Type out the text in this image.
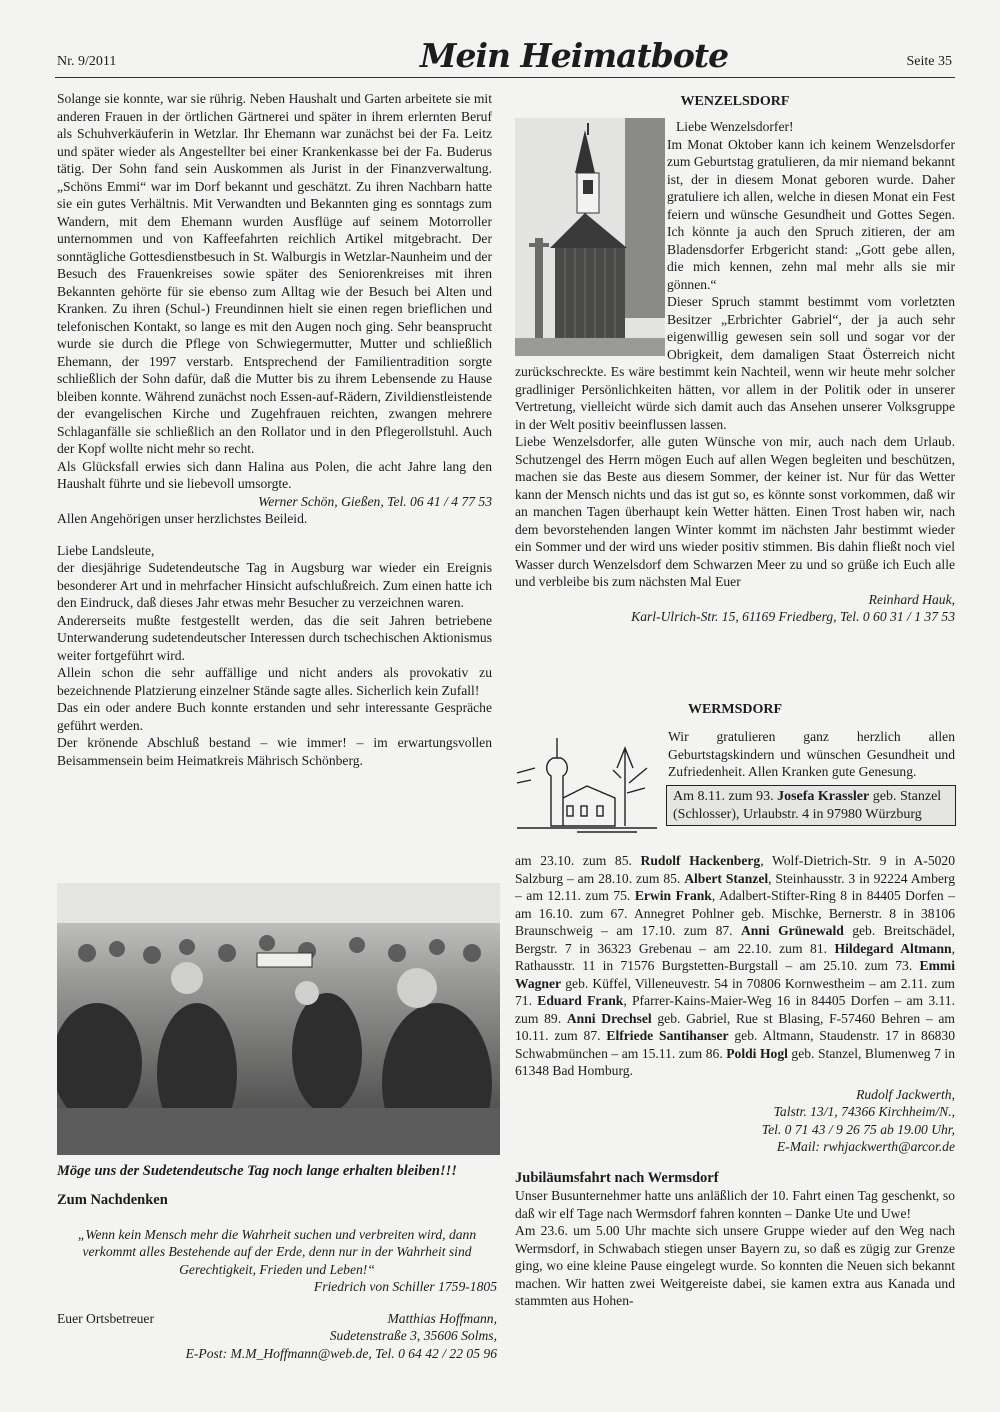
Nr. 9/2011	Mein Heimatbote	Seite 35

Solange sie konnte, war sie rührig. Neben Haushalt und Garten arbeitete sie mit anderen Frauen in der örtlichen Gärtnerei und später in ihrem erlernten Beruf als Schuhverkäuferin in Wetzlar. Ihr Ehemann war zunächst bei der Fa. Leitz und später wieder als Angestellter bei einer Krankenkasse bei der Fa. Buderus tätig. Der Sohn fand sein Auskommen als Jurist in der Finanzverwaltung. „Schöns Emmi“ war im Dorf bekannt und geschätzt. Zu ihren Nachbarn hatte sie ein gutes Verhältnis. Mit Verwandten und Bekannten ging es sonntags zum Wandern, mit dem Ehemann wurden Ausflüge auf seinem Motorroller unternommen und von Kaffeefahrten reichlich Artikel mitgebracht. Der sonntägliche Gottesdienstbesuch in St. Walburgis in Wetzlar-Naunheim und der Besuch des Frauenkreises sowie später des Seniorenkreises mit ihren Bekannten gehörte für sie ebenso zum Alltag wie der Besuch bei Alten und Kranken. Zu ihren (Schul-) Freundinnen hielt sie einen regen brieflichen und telefonischen Kontakt, so lange es mit den Augen noch ging. Sehr beansprucht wurde sie durch die Pflege von Schwiegermutter, Mutter und schließlich Ehemann, der 1997 verstarb. Entsprechend der Familientradition sorgte schließlich der Sohn dafür, daß die Mutter bis zu ihrem Lebensende zu Hause bleiben konnte. Während zunächst noch Essen-auf-Rädern, Zivildienstleistende der evangelischen Kirche und Zugehfrauen reichten, zwangen mehrere Schlaganfälle sie schließlich an den Rollator und in den Pflegerollstuhl. Auch der Kopf wollte nicht mehr so recht.

Als Glücksfall erwies sich dann Halina aus Polen, die acht Jahre lang den Haushalt führte und sie liebevoll umsorgte.

Werner Schön, Gießen, Tel. 06 41 / 4 77 53

Allen Angehörigen unser herzlichstes Beileid.

Liebe Landsleute,

der diesjährige Sudetendeutsche Tag in Augsburg war wieder ein Ereignis besonderer Art und in mehrfacher Hinsicht aufschlußreich. Zum einen hatte ich den Eindruck, daß dieses Jahr etwas mehr Besucher zu verzeichnen waren.

Andererseits mußte festgestellt werden, das die seit Jahren betriebene Unterwanderung sudetendeutscher Interessen durch tschechischen Aktionismus weiter fortgeführt wird.

Allein schon die sehr auffällige und nicht anders als provokativ zu bezeichnende Platzierung einzelner Stände sagte alles. Sicherlich kein Zufall!

Das ein oder andere Buch konnte erstanden und sehr interessante Gespräche geführt werden.

Der krönende Abschluß bestand – wie immer! – im erwartungsvollen Beisammensein beim Heimatkreis Mährisch Schönberg.

Möge uns der Sudetendeutsche Tag noch lange erhalten bleiben!!!

Zum Nachdenken

„Wenn kein Mensch mehr die Wahrheit suchen und verbreiten wird, dann verkommt alles Bestehende auf der Erde, denn nur in der Wahrheit sind Gerechtigkeit, Frieden und Leben!“

Friedrich von Schiller 1759-1805

Euer Ortsbetreuer	Matthias Hoffmann,

Sudetenstraße 3, 35606 Solms,

E-Post: M.M_Hoffmann@web.de, Tel. 0 64 42 / 22 05 96

WENZELSDORF

Liebe Wenzelsdorfer!

Im Monat Oktober kann ich keinem Wenzelsdorfer zum Geburtstag gratulieren, da mir niemand bekannt ist, der in diesem Monat geboren wurde. Daher gratuliere ich allen, welche in diesen Monat ein Fest feiern und wünsche Gesundheit und Gottes Segen. Ich könnte ja auch den Spruch zitieren, der am Bladensdorfer Erbgericht stand: „Gott gebe allen, die mich kennen, zehn mal mehr alls sie mir gönnen.“

Dieser Spruch stammt bestimmt vom vorletzten Besitzer „Erbrichter Gabriel“, der ja auch sehr eigenwillig gewesen sein soll und sogar vor der Obrigkeit, dem damaligen Staat Österreich nicht zurückschreckte. Es wäre bestimmt kein Nachteil, wenn wir heute mehr solcher gradliniger Persönlichkeiten hätten, vor allem in der Politik oder in unserer Vertretung, vielleicht würde sich damit auch das Ansehen unserer Volksgruppe in der Welt positiv beeinflussen lassen.

Liebe Wenzelsdorfer, alle guten Wünsche von mir, auch nach dem Urlaub. Schutzengel des Herrn mögen Euch auf allen Wegen begleiten und beschützen, machen sie das Beste aus diesem Sommer, der keiner ist. Nur für das Wetter kann der Mensch nichts und das ist gut so, es könnte sonst vorkommen, daß wir an manchen Tagen überhaupt kein Wetter hätten. Einen Trost haben wir, nach dem bevorstehenden langen Winter kommt im nächsten Jahr bestimmt wieder ein Sommer und der wird uns wieder positiv stimmen. Bis dahin fließt noch viel Wasser durch Wenzelsdorf dem Schwarzen Meer zu und so grüße ich Euch alle und verbleibe bis zum nächsten Mal Euer

Reinhard Hauk,

Karl-Ulrich-Str. 15, 61169 Friedberg, Tel. 0 60 31 / 1 37 53

WERMSDORF
Wir gratulieren ganz herzlich allen Geburtstagskindern und wünschen Gesundheit und Zufriedenheit. Allen Kranken gute Genesung.
Am 8.11. zum 93. Josefa Krassler geb. Stanzel (Schlosser), Urlaubstr. 4 in 97980 Würzburg

am 23.10. zum 85. Rudolf Hackenberg, Wolf-Dietrich-Str. 9 in A-5020 Salzburg – am 28.10. zum 85. Albert Stanzel, Steinhausstr. 3 in 92224 Amberg – am 12.11. zum 75. Erwin Frank, Adalbert-Stifter-Ring 8 in 84405 Dorfen – am 16.10. zum 67. Annegret Pohlner geb. Mischke, Bernerstr. 8 in 38106 Braunschweig – am 17.10. zum 87. Anni Grünewald geb. Breitschädel, Bergstr. 7 in 36323 Grebenau – am 22.10. zum 81. Hildegard Altmann, Rathausstr. 11 in 71576 Burgstetten-Burgstall – am 25.10. zum 73. Emmi Wagner geb. Küffel, Villeneuvestr. 54 in 70806 Kornwestheim – am 2.11. zum 71. Eduard Frank, Pfarrer-Kains-Maier-Weg 16 in 84405 Dorfen – am 3.11. zum 89. Anni Drechsel geb. Gabriel, Rue st Blasing, F-57460 Behren – am 10.11. zum 87. Elfriede Santihanser geb. Altmann, Staudenstr. 17 in 86830 Schwabmünchen – am 15.11. zum 86. Poldi Hogl geb. Stanzel, Blumenweg 7 in 61348 Bad Homburg.

Rudolf Jackwerth,

Talstr. 13/1, 74366 Kirchheim/N.,

Tel. 0 71 43 / 9 26 75 ab 19.00 Uhr,

E-Mail: rwhjackwerth@arcor.de

Jubiläumsfahrt nach Wermsdorf

Unser Busunternehmer hatte uns anläßlich der 10. Fahrt einen Tag geschenkt, so daß wir elf Tage nach Wermsdorf fahren konnten – Danke Ute und Uwe!

Am 23.6. um 5.00 Uhr machte sich unsere Gruppe wieder auf den Weg nach Wermsdorf, in Schwabach stiegen unser Bayern zu, so daß es zügig zur Grenze ging, wo eine kleine Pause eingelegt wurde. So konnten die Neuen sich bekannt machen. Wir hatten zwei Weitgereiste dabei, sie kamen extra aus Kanada und stammten aus Hohen-
